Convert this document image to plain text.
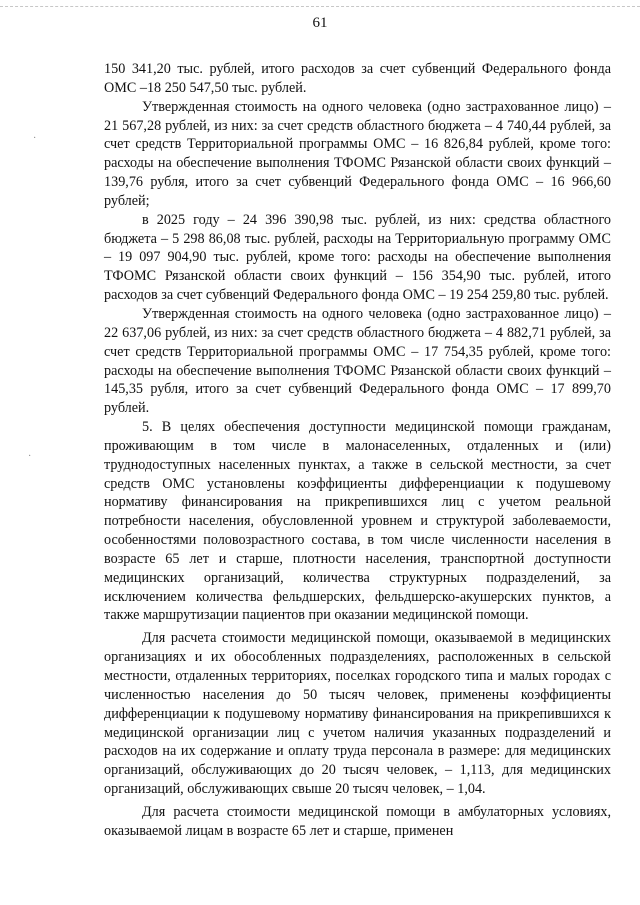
61
·
·

150 341,20 тыс. рублей, итого расходов за счет субвенций Федерального фонда ОМС –18 250 547,50 тыс. рублей.

Утвержденная стоимость на одного человека (одно застрахованное лицо) – 21 567,28 рублей, из них: за счет средств областного бюджета – 4 740,44 рублей, за счет средств Территориальной программы ОМС – 16 826,84 рублей, кроме того: расходы на обеспечение выполнения ТФОМС Рязанской области своих функций – 139,76 рубля, итого за счет субвенций Федерального фонда ОМС – 16 966,60 рублей;

в 2025 году – 24 396 390,98 тыс. рублей, из них: средства областного бюджета – 5 298 86,08 тыс. рублей, расходы на Территориальную программу ОМС – 19 097 904,90 тыс. рублей, кроме того: расходы на обеспечение выполнения ТФОМС Рязанской области своих функций – 156 354,90 тыс. рублей, итого расходов за счет субвенций Федерального фонда ОМС – 19 254 259,80 тыс. рублей.

Утвержденная стоимость на одного человека (одно застрахованное лицо) – 22 637,06 рублей, из них: за счет средств областного бюджета – 4 882,71 рублей, за счет средств Территориальной программы ОМС – 17 754,35 рублей, кроме того: расходы на обеспечение выполнения ТФОМС Рязанской области своих функций – 145,35 рубля, итого за счет субвенций Федерального фонда ОМС – 17 899,70 рублей.

5. В целях обеспечения доступности медицинской помощи гражданам, проживающим в том числе в малонаселенных, отдаленных и (или) труднодоступных населенных пунктах, а также в сельской местности, за счет средств ОМС установлены коэффициенты дифференциации к подушевому нормативу финансирования на прикрепившихся лиц с учетом реальной потребности населения, обусловленной уровнем и структурой заболеваемости, особенностями половозрастного состава, в том числе численности населения в возрасте 65 лет и старше, плотности населения, транспортной доступности медицинских организаций, количества структурных подразделений, за исключением количества фельдшерских, фельдшерско-акушерских пунктов, а также маршрутизации пациентов при оказании медицинской помощи.

Для расчета стоимости медицинской помощи, оказываемой в медицинских организациях и их обособленных подразделениях, расположенных в сельской местности, отдаленных территориях, поселках городского типа и малых городах с численностью населения до 50 тысяч человек, применены коэффициенты дифференциации к подушевому нормативу финансирования на прикрепившихся к медицинской организации лиц с учетом наличия указанных подразделений и расходов на их содержание и оплату труда персонала в размере: для медицинских организаций, обслуживающих до 20 тысяч человек, – 1,113, для медицинских организаций, обслуживающих свыше 20 тысяч человек, – 1,04.

Для расчета стоимости медицинской помощи в амбулаторных условиях, оказываемой лицам в возрасте 65 лет и старше, применен
